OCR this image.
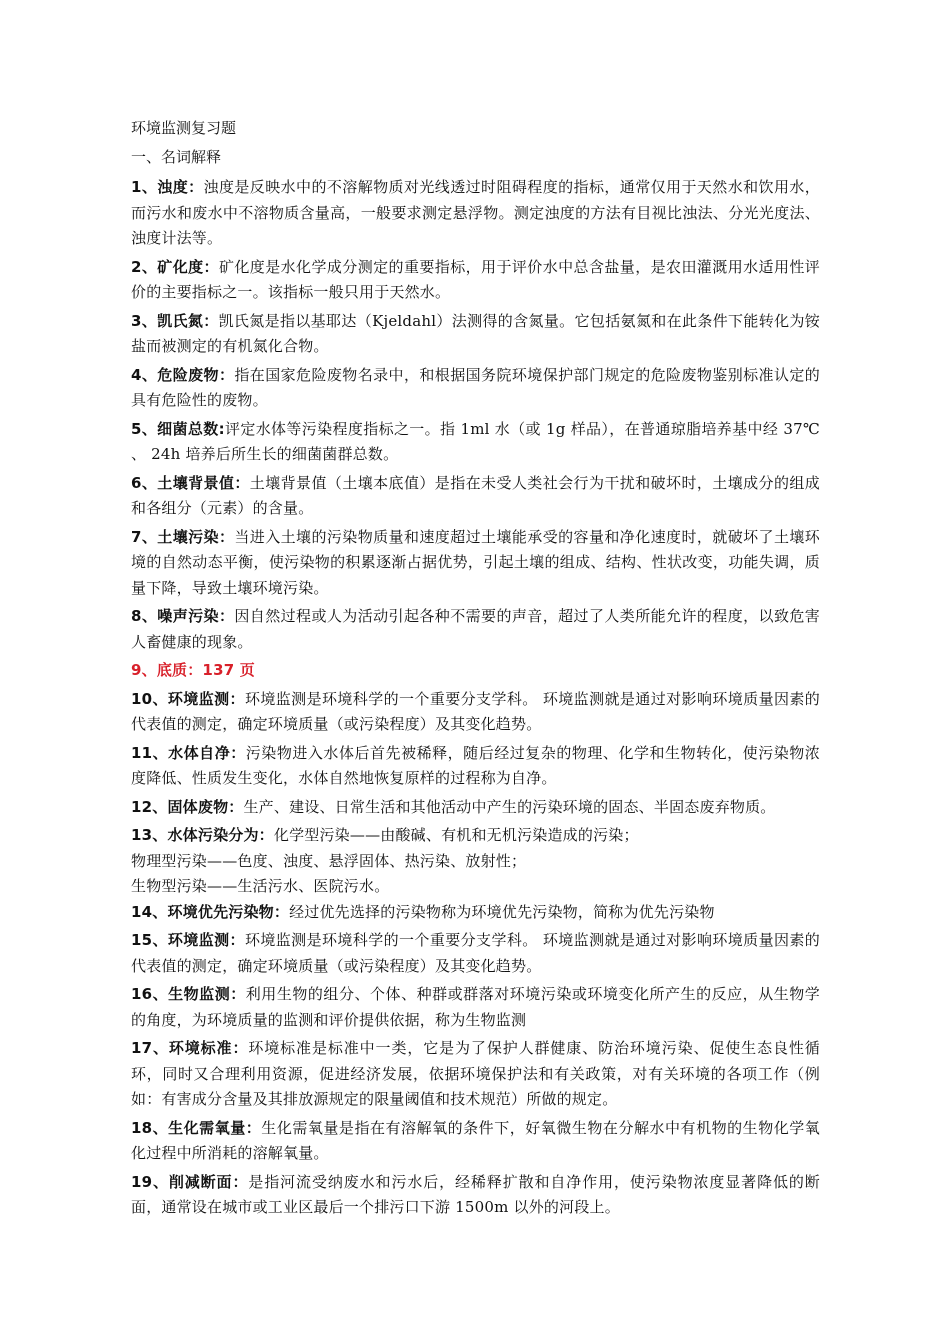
环境监测复习题

一、名词解释

1、浊度：浊度是反映水中的不溶解物质对光线透过时阻碍程度的指标，通常仅用于天然水和饮用水，而污水和废水中不溶物质含量高，一般要求测定悬浮物。测定浊度的方法有目视比浊法、分光光度法、浊度计法等。

2、矿化度：矿化度是水化学成分测定的重要指标，用于评价水中总含盐量，是农田灌溉用水适用性评价的主要指标之一。该指标一般只用于天然水。

3、凯氏氮：凯氏氮是指以基耶达（Kjeldahl）法测得的含氮量。它包括氨氮和在此条件下能转化为铵盐而被测定的有机氮化合物。

4、危险废物：指在国家危险废物名录中，和根据国务院环境保护部门规定的危险废物鉴别标准认定的具有危险性的废物。

5、细菌总数:评定水体等污染程度指标之一。指 1ml 水（或 1g 样品），在普通琼脂培养基中经 37℃ 、 24h 培养后所生长的细菌菌群总数。

6、土壤背景值：土壤背景值（土壤本底值）是指在未受人类社会行为干扰和破坏时，土壤成分的组成和各组分（元素）的含量。

7、土壤污染：当进入土壤的污染物质量和速度超过土壤能承受的容量和净化速度时，就破坏了土壤环境的自然动态平衡，使污染物的积累逐渐占据优势，引起土壤的组成、结构、性状改变，功能失调，质量下降，导致土壤环境污染。

8、噪声污染：因自然过程或人为活动引起各种不需要的声音，超过了人类所能允许的程度，以致危害人畜健康的现象。

9、底质：137 页

10、环境监测：环境监测是环境科学的一个重要分支学科。 环境监测就是通过对影响环境质量因素的代表值的测定，确定环境质量（或污染程度）及其变化趋势。

11、水体自净：污染物进入水体后首先被稀释，随后经过复杂的物理、化学和生物转化，使污染物浓度降低、性质发生变化，水体自然地恢复原样的过程称为自净。

12、固体废物：生产、建设、日常生活和其他活动中产生的污染环境的固态、半固态废弃物质。

13、水体污染分为：化学型污染——由酸碱、有机和无机污染造成的污染；
物理型污染——色度、浊度、悬浮固体、热污染、放射性；
生物型污染——生活污水、医院污水。

14、环境优先污染物：经过优先选择的污染物称为环境优先污染物，简称为优先污染物

15、环境监测：环境监测是环境科学的一个重要分支学科。 环境监测就是通过对影响环境质量因素的代表值的测定，确定环境质量（或污染程度）及其变化趋势。

16、生物监测：利用生物的组分、个体、种群或群落对环境污染或环境变化所产生的反应，从生物学的角度，为环境质量的监测和评价提供依据，称为生物监测

17、环境标准：环境标准是标准中一类，它是为了保护人群健康、防治环境污染、促使生态良性循环，同时又合理利用资源，促进经济发展，依据环境保护法和有关政策，对有关环境的各项工作（例如：有害成分含量及其排放源规定的限量阈值和技术规范）所做的规定。

18、生化需氧量：生化需氧量是指在有溶解氧的条件下，好氧微生物在分解水中有机物的生物化学氧化过程中所消耗的溶解氧量。

19、削减断面：是指河流受纳废水和污水后，经稀释扩散和自净作用，使污染物浓度显著降低的断面，通常设在城市或工业区最后一个排污口下游 1500m 以外的河段上。
